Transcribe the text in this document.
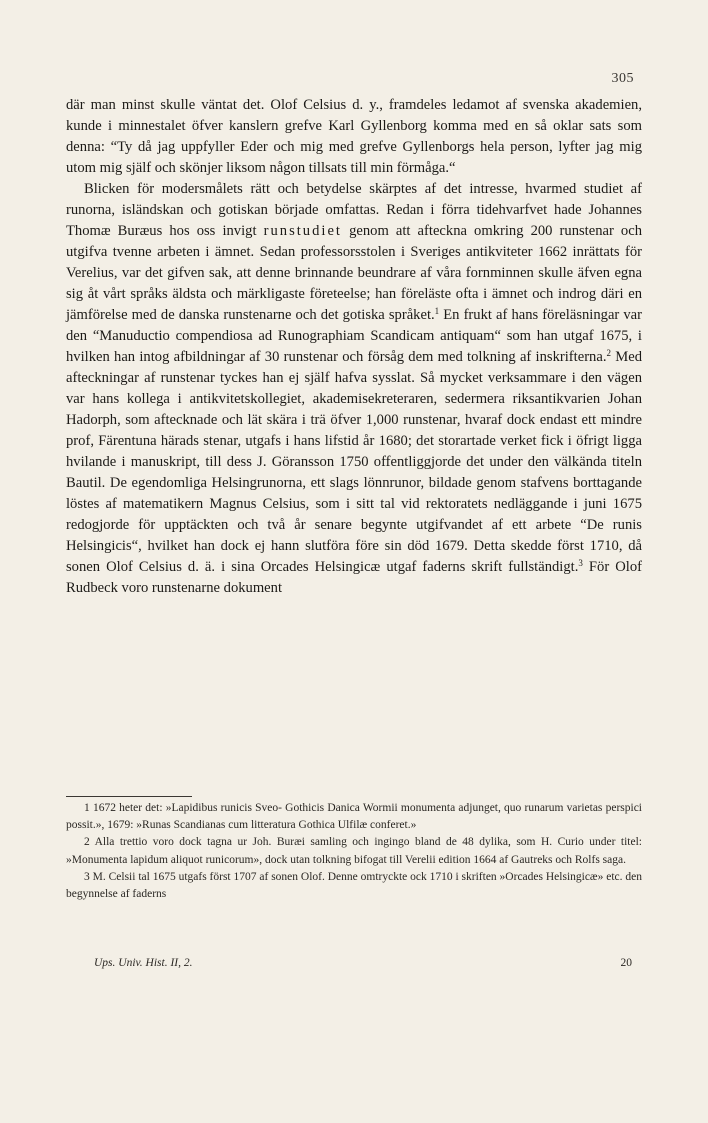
305

där man minst skulle väntat det. Olof Celsius d. y., framdeles ledamot af svenska akademien, kunde i minnestalet öfver kanslern grefve Karl Gyllenborg komma med en så oklar sats som denna: “Ty då jag uppfyller Eder och mig med grefve Gyllenborgs hela person, lyfter jag mig utom mig själf och skönjer liksom någon tillsats till min förmåga.“

Blicken för modersmålets rätt och betydelse skärptes af det intresse, hvarmed studiet af runorna, isländskan och gotiskan började omfattas. Redan i förra tidehvarfvet hade Johannes Thomæ Buræus hos oss invigt runstudiet genom att afteckna omkring 200 runstenar och utgifva tvenne arbeten i ämnet. Sedan professorsstolen i Sveriges antikviteter 1662 inrättats för Verelius, var det gifven sak, att denne brinnande beundrare af våra fornminnen skulle äfven egna sig åt vårt språks äldsta och märkligaste företeelse; han föreläste ofta i ämnet och indrog däri en jämförelse med de danska runstenarne och det gotiska språket.$^1$ En frukt af hans föreläsningar var den “Manuductio compendiosa ad Runographiam Scandicam antiquam“ som han utgaf 1675, i hvilken han intog afbildningar af 30 runstenar och försåg dem med tolkning af inskrifterna.$^2$ Med afteckningar af runstenar tyckes han ej själf hafva sysslat. Så mycket verksammare i den vägen var hans kollega i antikvitetskollegiet, akademisekreteraren, sedermera riksantikvarien Johan Hadorph, som aftecknade och lät skära i trä öfver 1,000 runstenar, hvaraf dock endast ett mindre prof, Färentuna härads stenar, utgafs i hans lifstid år 1680; det storartade verket fick i öfrigt ligga hvilande i manuskript, till dess J. Göransson 1750 offentliggjorde det under den välkända titeln Bautil. De egendomliga Helsingrunorna, ett slags lönnrunor, bildade genom stafvens borttagande löstes af matematikern Magnus Celsius, som i sitt tal vid rektoratets nedläggande i juni 1675 redogjorde för upptäckten och två år senare begynte utgifvandet af ett arbete “De runis Helsingicis“, hvilket han dock ej hann slutföra före sin död 1679. Detta skedde först 1710, då sonen Olof Celsius d. ä. i sina Orcades Helsingicæ utgaf faderns skrift fullständigt.$^3$ För Olof Rudbeck voro runstenarne dokument

1 1672 heter det: »Lapidibus runicis Sveo- Gothicis Danica Wormii monumenta adjunget, quo runarum varietas perspici possit.», 1679: »Runas Scandianas cum litteratura Gothica Ulfilæ conferet.»

2 Alla trettio voro dock tagna ur Joh. Buræi samling och ingingo bland de 48 dylika, som H. Curio under titel: »Monumenta lapidum aliquot runicorum», dock utan tolkning bifogat till Verelii edition 1664 af Gautreks och Rolfs saga.

3 M. Celsii tal 1675 utgafs först 1707 af sonen Olof. Denne omtryckte ock 1710 i skriften »Orcades Helsingicæ» etc. den begynnelse af faderns

Ups. Univ. Hist. II, 2.	20
